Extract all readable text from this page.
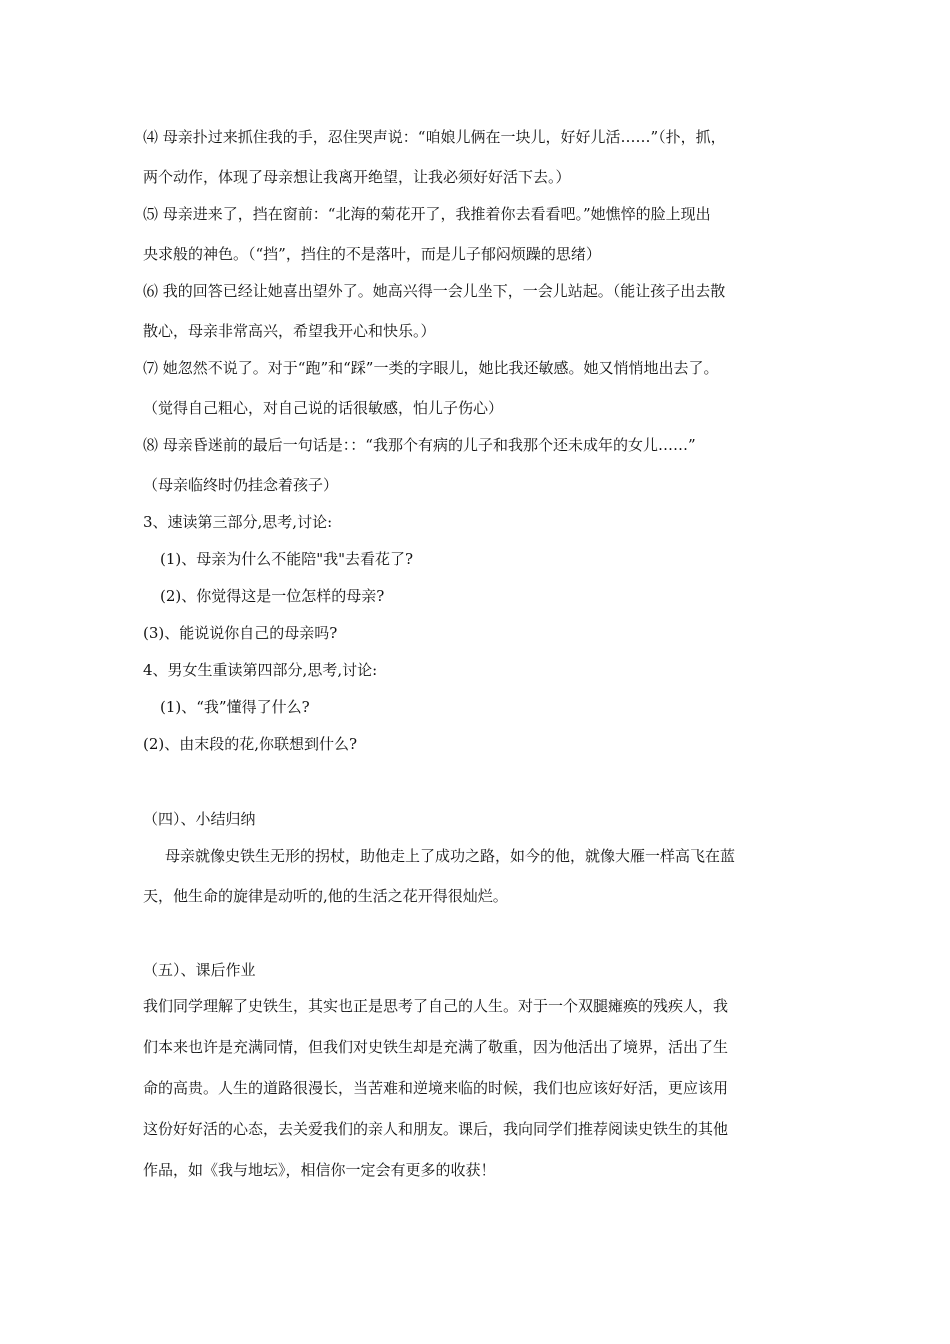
⑷ 母亲扑过来抓住我的手，忍住哭声说：“咱娘儿俩在一块儿，好好儿活……”（扑，抓，
两个动作，体现了母亲想让我离开绝望，让我必须好好活下去。）
⑸ 母亲进来了，挡在窗前：“北海的菊花开了，我推着你去看看吧。”她憔悴的脸上现出
央求般的神色。（“挡”，挡住的不是落叶，而是儿子郁闷烦躁的思绪）
⑹ 我的回答已经让她喜出望外了。她高兴得一会儿坐下，一会儿站起。（能让孩子出去散
散心，母亲非常高兴，希望我开心和快乐。）
⑺ 她忽然不说了。对于“跑”和“踩”一类的字眼儿，她比我还敏感。她又悄悄地出去了。
（觉得自己粗心，对自己说的话很敏感，怕儿子伤心）
⑻ 母亲昏迷前的最后一句话是：：“我那个有病的儿子和我那个还未成年的女儿……”
（母亲临终时仍挂念着孩子）
3、速读第三部分,思考,讨论:
(1)、母亲为什么不能陪"我"去看花了?
(2)、你觉得这是一位怎样的母亲?
(3)、能说说你自己的母亲吗?
4、男女生重读第四部分,思考,讨论:
(1)、“我”懂得了什么?
(2)、由末段的花,你联想到什么?
（四）、小结归纳
母亲就像史铁生无形的拐杖，助他走上了成功之路，如今的他，就像大雁一样高飞在蓝
天，他生命的旋律是动听的,他的生活之花开得很灿烂。
（五）、课后作业
我们同学理解了史铁生，其实也正是思考了自己的人生。对于一个双腿瘫痪的残疾人，我
们本来也许是充满同情，但我们对史铁生却是充满了敬重，因为他活出了境界，活出了生
命的高贵。人生的道路很漫长，当苦难和逆境来临的时候，我们也应该好好活，更应该用
这份好好活的心态，去关爱我们的亲人和朋友。课后，我向同学们推荐阅读史铁生的其他
作品，如《我与地坛》，相信你一定会有更多的收获！
